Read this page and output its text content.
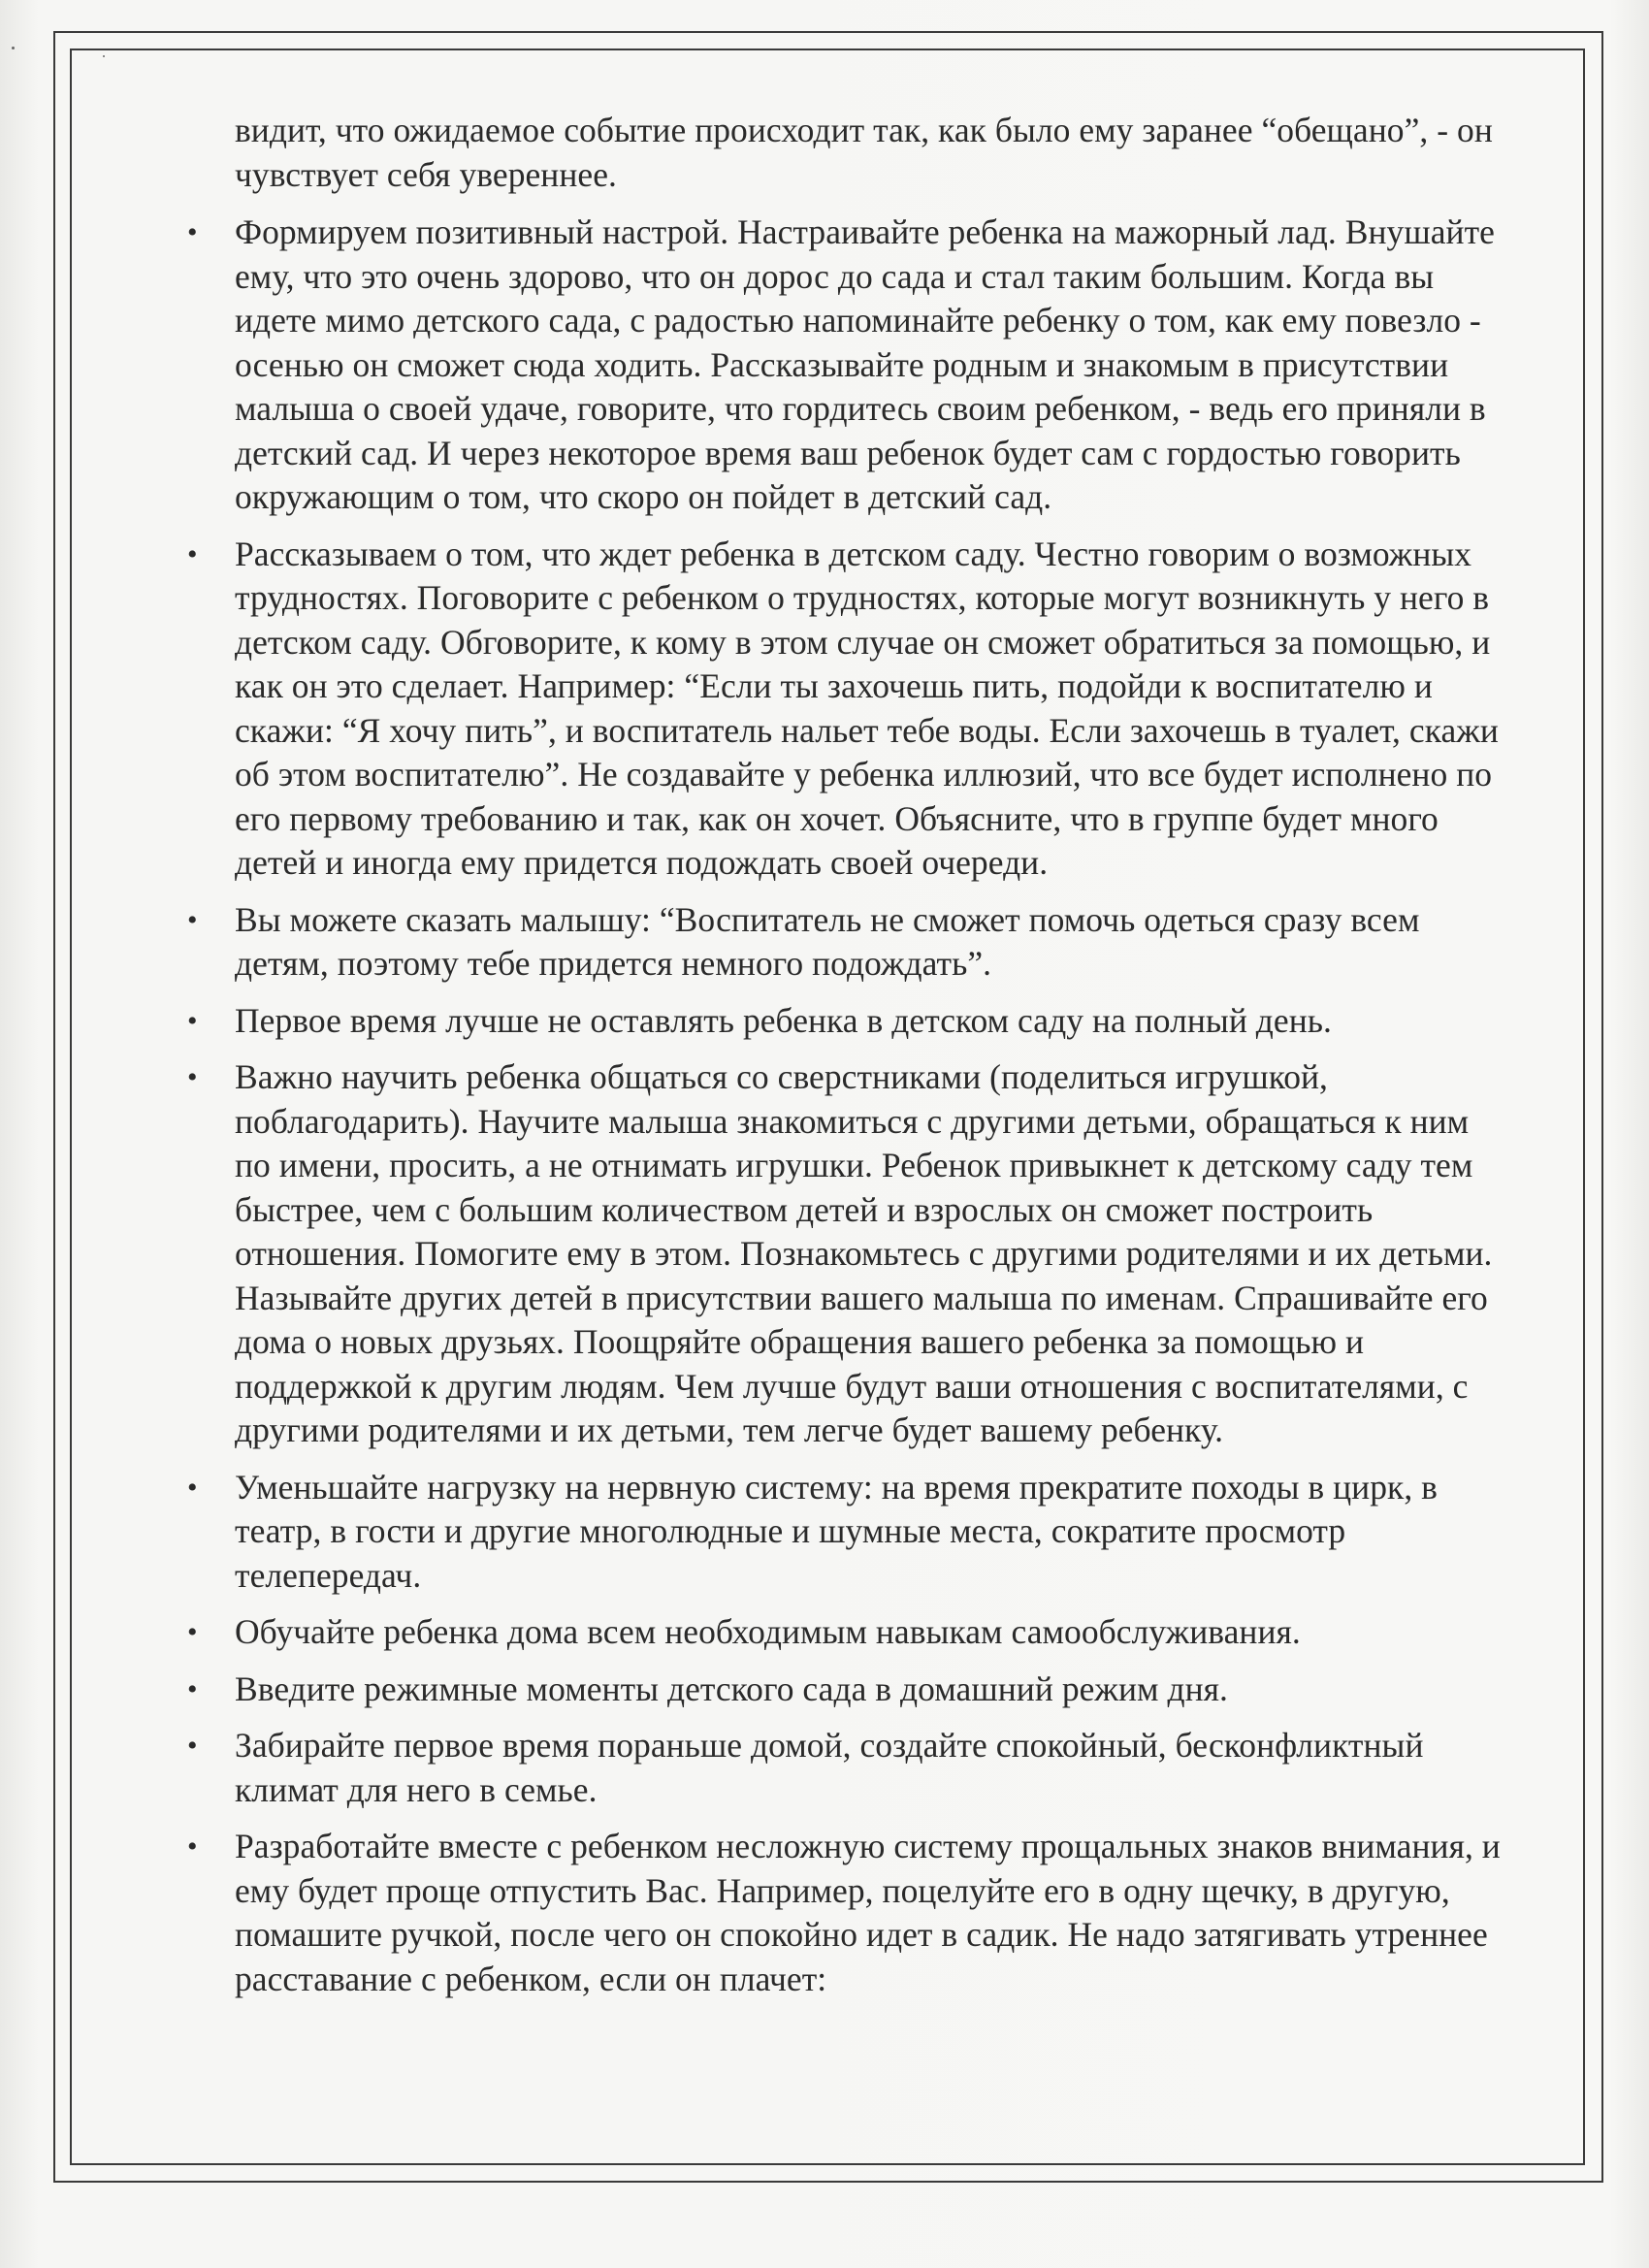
видит, что ожидаемое событие происходит так, как было ему заранее “обещано”, - он чувствует себя увереннее.

• Формируем позитивный настрой. Настраивайте ребенка на мажорный лад. Внушайте ему, что это очень здорово, что он дорос до сада и стал таким большим. Когда вы идете мимо детского сада, с радостью напоминайте ребенку о том, как ему повезло - осенью он сможет сюда ходить. Рассказывайте родным и знакомым в присутствии малыша о своей удаче, говорите, что гордитесь своим ребенком, - ведь его приняли в детский сад. И через некоторое время ваш ребенок будет сам с гордостью говорить окружающим о том, что скоро он пойдет в детский сад.
• Рассказываем о том, что ждет ребенка в детском саду. Честно говорим о возможных трудностях. Поговорите с ребенком о трудностях, которые могут возникнуть у него в детском саду. Обговорите, к кому в этом случае он сможет обратиться за помощью, и как он это сделает. Например: “Если ты захочешь пить, подойди к воспитателю и скажи: “Я хочу пить”, и воспитатель нальет тебе воды. Если захочешь в туалет, скажи об этом воспитателю”. Не создавайте у ребенка иллюзий, что все будет исполнено по его первому требованию и так, как он хочет. Объясните, что в группе будет много детей и иногда ему придется подождать своей очереди.
• Вы можете сказать малышу: “Воспитатель не сможет помочь одеться сразу всем детям, поэтому тебе придется немного подождать”.
• Первое время лучше не оставлять ребенка в детском саду на полный день.
• Важно научить ребенка общаться со сверстниками (поделиться игрушкой, поблагодарить). Научите малыша знакомиться с другими детьми, обращаться к ним по имени, просить, а не отнимать игрушки. Ребенок привыкнет к детскому саду тем быстрее, чем с большим количеством детей и взрослых он сможет построить отношения. Помогите ему в этом. Познакомьтесь с другими родителями и их детьми. Называйте других детей в присутствии вашего малыша по именам. Спрашивайте его дома о новых друзьях. Поощряйте обращения вашего ребенка за помощью и поддержкой к другим людям. Чем лучше будут ваши отношения с воспитателями, с другими родителями и их детьми, тем легче будет вашему ребенку.
• Уменьшайте нагрузку на нервную систему: на время прекратите походы в цирк, в театр, в гости и другие многолюдные и шумные места, сократите просмотр телепередач.
• Обучайте ребенка дома всем необходимым навыкам самообслуживания.
• Введите режимные моменты детского сада в домашний режим дня.
• Забирайте первое время пораньше домой, создайте спокойный, бесконфликтный климат для него в семье.
• Разработайте вместе с ребенком несложную систему прощальных знаков внимания, и ему будет проще отпустить Вас. Например, поцелуйте его в одну щечку, в другую, помашите ручкой, после чего он спокойно идет в садик. Не надо затягивать утреннее расставание с ребенком, если он плачет:
